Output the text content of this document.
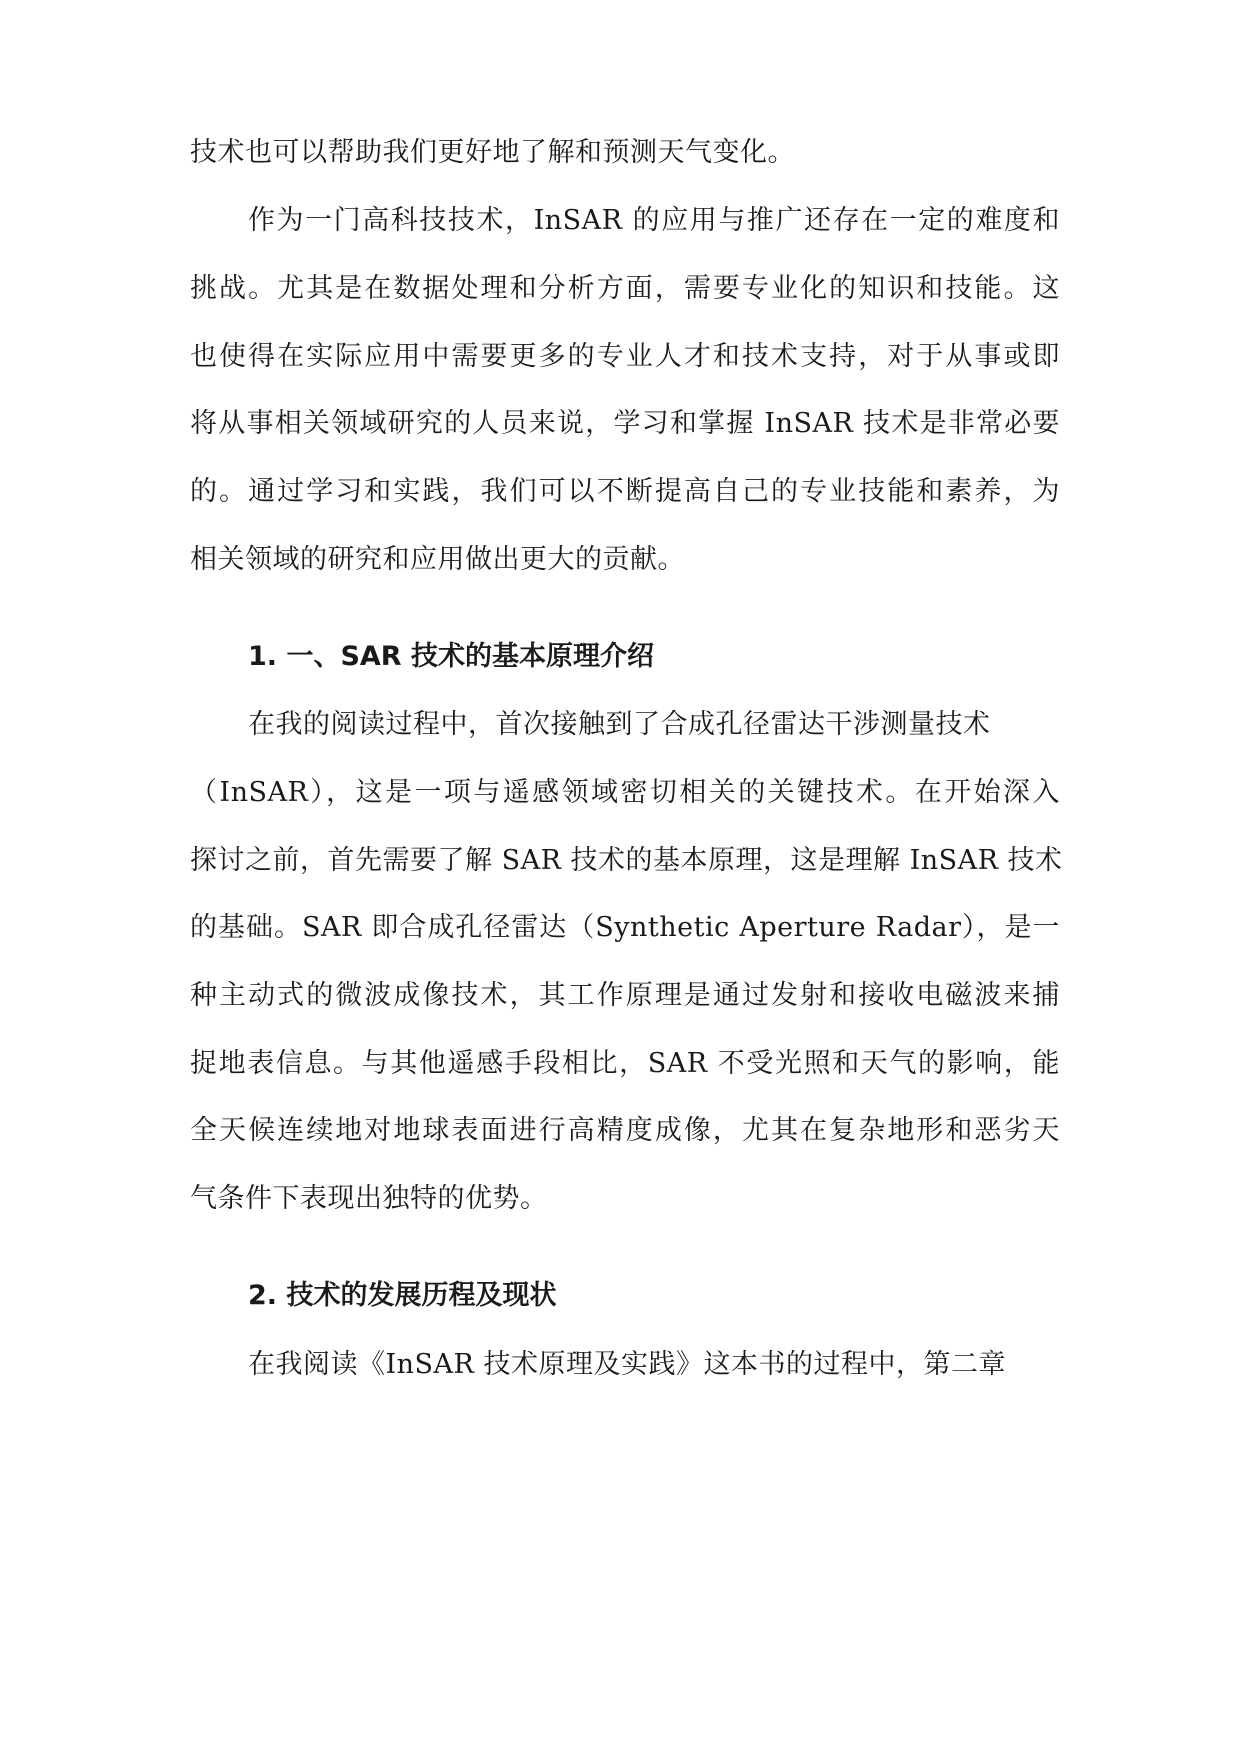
技术也可以帮助我们更好地了解和预测天气变化。
作为一门高科技技术，InSAR 的应用与推广还存在一定的难度和
挑战。尤其是在数据处理和分析方面，需要专业化的知识和技能。这
也使得在实际应用中需要更多的专业人才和技术支持，对于从事或即
将从事相关领域研究的人员来说，学习和掌握 InSAR 技术是非常必要
的。通过学习和实践，我们可以不断提高自己的专业技能和素养，为
相关领域的研究和应用做出更大的贡献。
1. 一、SAR 技术的基本原理介绍
在我的阅读过程中，首次接触到了合成孔径雷达干涉测量技术
（InSAR），这是一项与遥感领域密切相关的关键技术。在开始深入
探讨之前，首先需要了解 SAR 技术的基本原理，这是理解 InSAR 技术
的基础。SAR 即合成孔径雷达（Synthetic Aperture Radar），是一
种主动式的微波成像技术，其工作原理是通过发射和接收电磁波来捕
捉地表信息。与其他遥感手段相比，SAR 不受光照和天气的影响，能
全天候连续地对地球表面进行高精度成像，尤其在复杂地形和恶劣天
气条件下表现出独特的优势。
2. 技术的发展历程及现状
在我阅读《InSAR 技术原理及实践》这本书的过程中，第二章
